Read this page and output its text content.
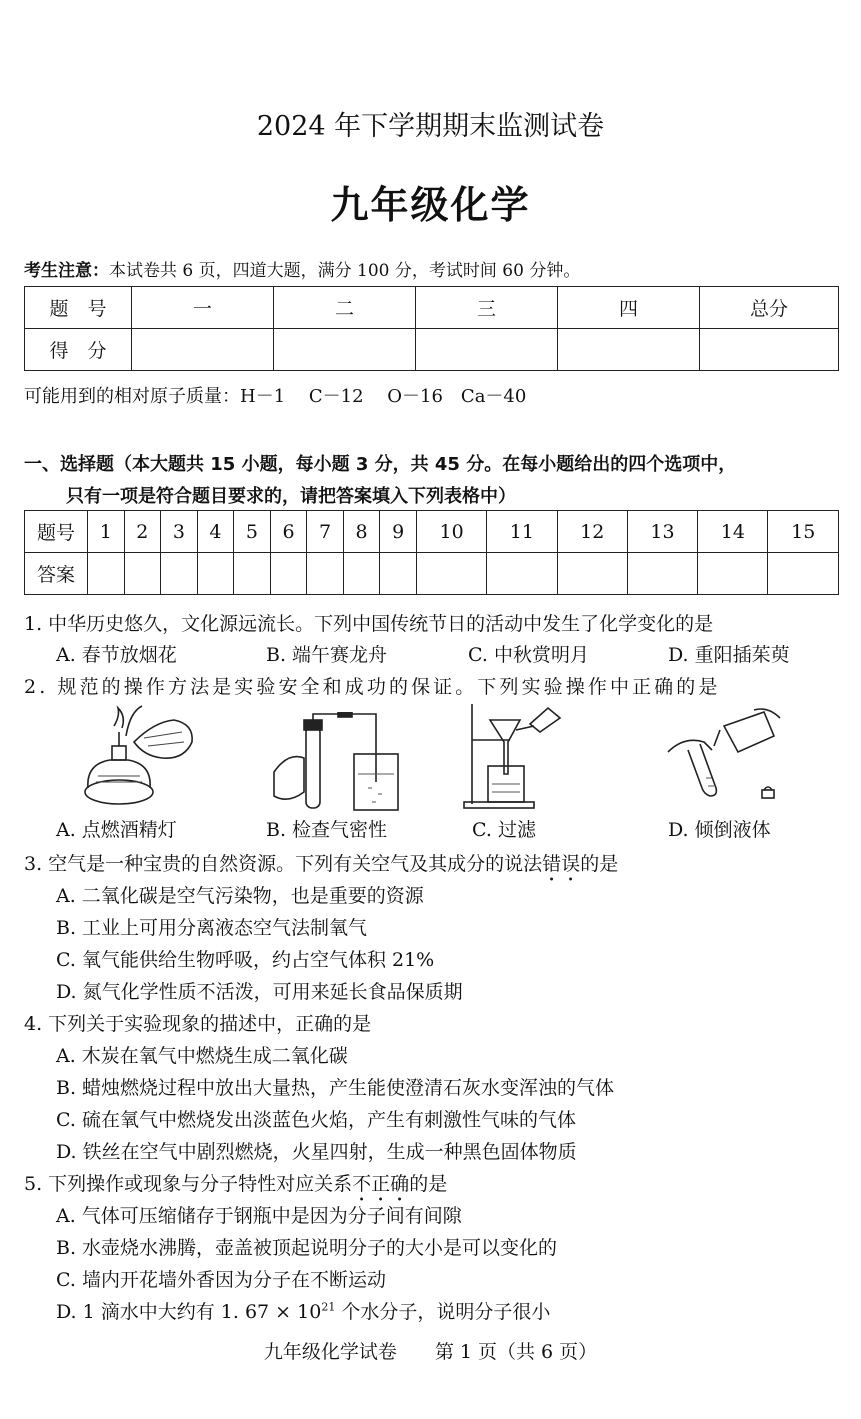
2024 年下学期期末监测试卷
九年级化学
考生注意：本试卷共 6 页，四道大题，满分 100 分，考试时间 60 分钟。
题　号	一	二	三	四	总分
得　分					
可能用到的相对原子质量：H－1　 C－12　 O－16　Ca－40
一、选择题（本大题共 15 小题，每小题 3 分，共 45 分。在每小题给出的四个选项中，
只有一项是符合题目要求的，请把答案填入下列表格中）
题号	1	2	3	4	5	6	7	8	9	10	11	12	13	14	15
答案															
1. 中华历史悠久，文化源远流长。下列中国传统节日的活动中发生了化学变化的是
A. 春节放烟花	B. 端午赛龙舟	C. 中秋赏明月	D. 重阳插茱萸
2. 规范的操作方法是实验安全和成功的保证。下列实验操作中正确的是
A. 点燃酒精灯	B. 检查气密性	C. 过滤	D. 倾倒液体
3. 空气是一种宝贵的自然资源。下列有关空气及其成分的说法错误的是
A. 二氧化碳是空气污染物，也是重要的资源
B. 工业上可用分离液态空气法制氧气
C. 氧气能供给生物呼吸，约占空气体积 21%
D. 氮气化学性质不活泼，可用来延长食品保质期
4. 下列关于实验现象的描述中，正确的是
A. 木炭在氧气中燃烧生成二氧化碳
B. 蜡烛燃烧过程中放出大量热，产生能使澄清石灰水变浑浊的气体
C. 硫在氧气中燃烧发出淡蓝色火焰，产生有刺激性气味的气体
D. 铁丝在空气中剧烈燃烧，火星四射，生成一种黑色固体物质
5. 下列操作或现象与分子特性对应关系不正确的是
A. 气体可压缩储存于钢瓶中是因为分子间有间隙
B. 水壶烧水沸腾，壶盖被顶起说明分子的大小是可以变化的
C. 墙内开花墙外香因为分子在不断运动
D. 1 滴水中大约有 1. $67 \times 10^{21}$ 个水分子，说明分子很小
九年级化学试卷　　第 1 页（共 6 页）
